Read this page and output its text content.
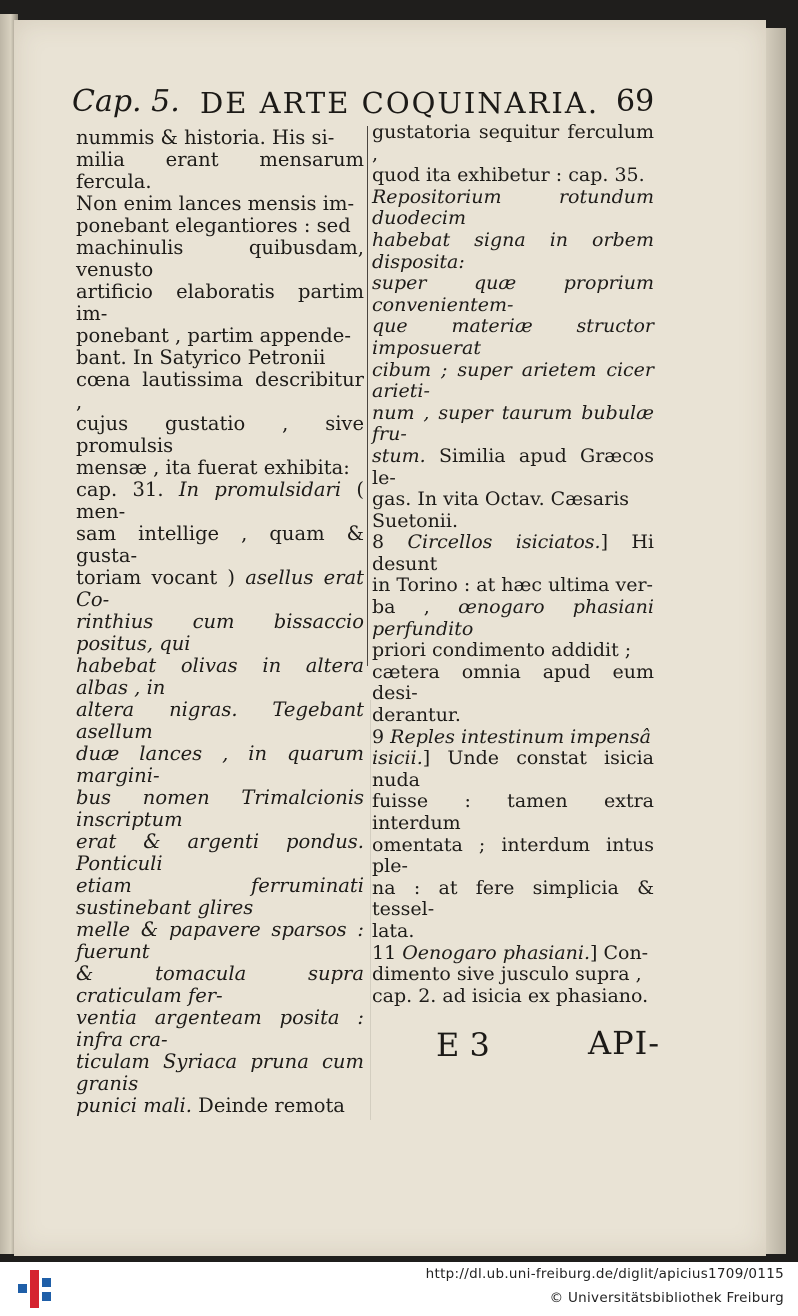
Cap. 5. DE ARTE COQUINARIA. 69

nummis & historia. His si-

milia erant mensarum fercula.

Non enim lances mensis im-

ponebant elegantiores : sed

machinulis quibusdam, venusto

artificio elaboratis partim im-

ponebant , partim appende-

bant. In Satyrico Petronii

cœna lautissima describitur ,

cujus gustatio , sive promulsis

mensæ , ita fuerat exhibita:

cap. 31. In promulsidari ( men-

sam intellige , quam & gusta-

toriam vocant ) asellus erat Co-

rinthius cum bissaccio positus, qui

habebat olivas in altera albas , in

altera nigras. Tegebant asellum

duæ lances , in quarum margini-

bus nomen Trimalcionis inscriptum

erat & argenti pondus. Ponticuli

etiam ferruminati sustinebant glires

melle & papavere sparsos : fuerunt

& tomacula supra craticulam fer-

ventia argenteam posita : infra cra-

ticulam Syriaca pruna cum granis

punici mali. Deinde remota

gustatoria sequitur ferculum ,

quod ita exhibetur : cap. 35.

Repositorium rotundum duodecim

habebat signa in orbem disposita:

super quæ proprium convenientem-

que materiæ structor imposuerat

cibum ; super arietem cicer arieti-

num , super taurum bubulæ fru-

stum. Similia apud Græcos le-

gas. In vita Octav. Cæsaris

Suetonii.

8 Circellos isiciatos.] Hi desunt

in Torino : at hæc ultima ver-

ba , œnogaro phasiani perfundito

priori condimento addidit ;

cætera omnia apud eum desi-

derantur.

9 Reples intestinum impensâ

isicii.] Unde constat isicia nuda

fuisse : tamen extra interdum

omentata ; interdum intus ple-

na : at fere simplicia & tessel-

lata.

11 Oenogaro phasiani.] Con-

dimento sive jusculo supra ,

cap. 2. ad isicia ex phasiano.

E 3	API-
http://dl.ub.uni-freiburg.de/diglit/apicius1709/0115
© Universitätsbibliothek Freiburg
